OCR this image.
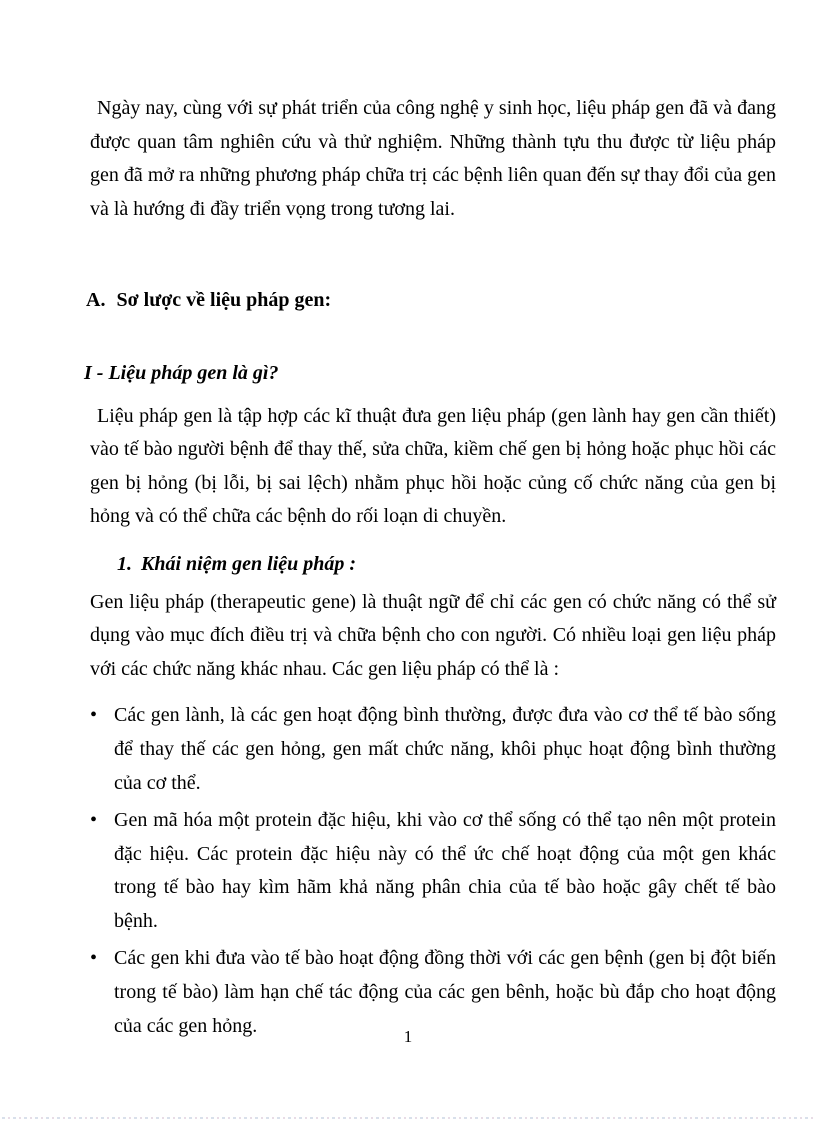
Ngày nay, cùng với sự phát triển của công nghệ y sinh học, liệu pháp gen đã và đang được quan tâm nghiên cứu và thử nghiệm. Những thành tựu thu được từ liệu pháp gen đã mở ra những phương pháp chữa trị các bệnh liên quan đến sự thay đổi của gen và là hướng đi đầy triển vọng trong tương lai.

A. Sơ lược về liệu pháp gen:
I - Liệu pháp gen là gì?

Liệu pháp gen là tập hợp các kĩ thuật đưa gen liệu pháp (gen lành hay gen cần thiết) vào tế bào người bệnh để thay thế, sửa chữa, kiềm chế gen bị hỏng hoặc phục hồi các gen bị hỏng (bị lỗi, bị sai lệch) nhằm phục hồi hoặc củng cố chức năng của gen bị hỏng và có thể chữa các bệnh do rối loạn di chuyền.

1. Khái niệm gen liệu pháp :

Gen liệu pháp (therapeutic gene) là thuật ngữ để chỉ các gen có chức năng có thể sử dụng vào mục đích điều trị và chữa bệnh cho con người. Có nhiều loại gen liệu pháp với các chức năng khác nhau. Các gen liệu pháp có thể là :

• Các gen lành, là các gen hoạt động bình thường, được đưa vào cơ thể tế bào sống để thay thế các gen hỏng, gen mất chức năng, khôi phục hoạt động bình thường của cơ thể.
• Gen mã hóa một protein đặc hiệu, khi vào cơ thể sống có thể tạo nên một protein đặc hiệu. Các protein đặc hiệu này có thể ức chế hoạt động của một gen khác trong tế bào hay kìm hãm khả năng phân chia của tế bào hoặc gây chết tế bào bệnh.
• Các gen khi đưa vào tế bào hoạt động đồng thời với các gen bệnh (gen bị đột biến trong tế bào) làm hạn chế tác động của các gen bênh, hoặc bù đắp cho hoạt động của các gen hỏng.	1
